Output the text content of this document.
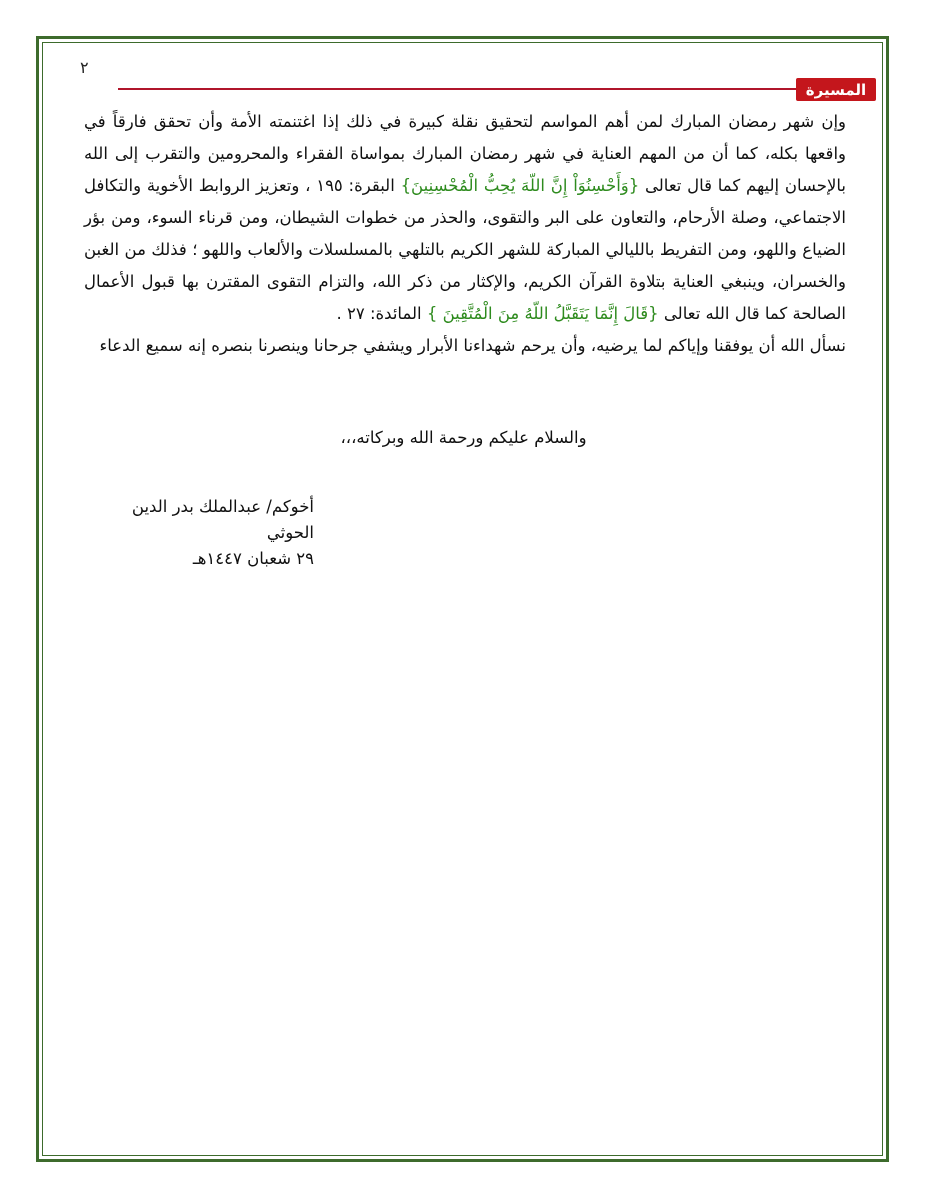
٢
المسيرة

وإن شهر رمضان المبارك لمن أهم المواسم لتحقيق نقلة كبيرة في ذلك إذا اغتنمته الأمة وأن تحقق فارقاً في واقعها بكله، كما أن من المهم العناية في شهر رمضان المبارك بمواساة الفقراء والمحرومين والتقرب إلى الله بالإحسان إليهم كما قال تعالى {وَأَحْسِنُوَاْ إِنَّ اللّهَ يُحِبُّ الْمُحْسِنِينَ} البقرة: ١٩٥ ، وتعزيز الروابط الأخوية والتكافل الاجتماعي، وصلة الأرحام، والتعاون على البر والتقوى، والحذر من خطوات الشيطان، ومن قرناء السوء، ومن بؤر الضياع واللهو، ومن التفريط بالليالي المباركة للشهر الكريم بالتلهي بالمسلسلات والألعاب واللهو ؛ فذلك من الغبن والخسران، وينبغي العناية بتلاوة القرآن الكريم، والإكثار من ذكر الله، والتزام التقوى المقترن بها قبول الأعمال الصالحة كما قال الله تعالى {قَالَ إِنَّمَا يَتَقَبَّلُ اللّهُ مِنَ الْمُتَّقِينَ } المائدة: ٢٧ .

نسأل الله أن يوفقنا وإياكم لما يرضيه، وأن يرحم شهداءنا الأبرار ويشفي جرحانا وينصرنا بنصره إنه سميع الدعاء

والسلام عليكم ورحمة الله وبركاته،،،
أخوكم/ عبدالملك بدر الدين الحوثي
٢٩ شعبان ١٤٤٧هـ
